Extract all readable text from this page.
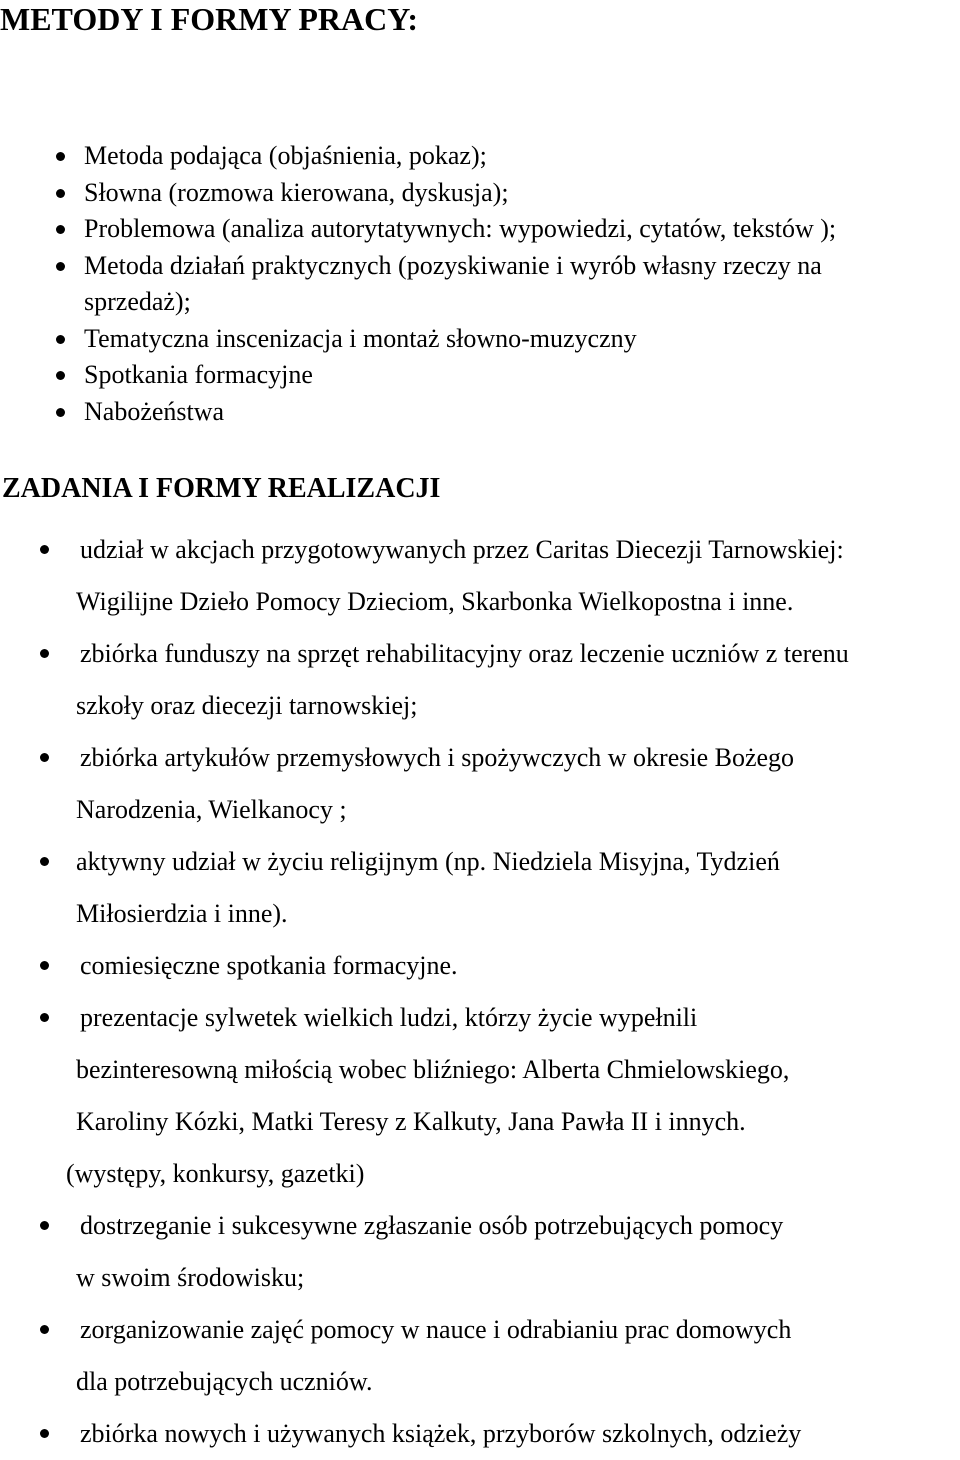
METODY I FORMY PRACY:
Metoda podająca (objaśnienia, pokaz);
Słowna (rozmowa kierowana, dyskusja);
Problemowa (analiza autorytatywnych: wypowiedzi, cytatów, tekstów );
Metoda działań praktycznych (pozyskiwanie i wyrób własny rzeczy na
sprzedaż);
Tematyczna inscenizacja i montaż słowno-muzyczny
Spotkania formacyjne
Nabożeństwa
ZADANIA I FORMY REALIZACJI
udział w akcjach przygotowywanych przez Caritas Diecezji Tarnowskiej:
Wigilijne Dzieło Pomocy Dzieciom, Skarbonka Wielkopostna i inne.
zbiórka funduszy na sprzęt rehabilitacyjny oraz leczenie uczniów z terenu
szkoły oraz diecezji tarnowskiej;
zbiórka artykułów przemysłowych i spożywczych w okresie Bożego
Narodzenia, Wielkanocy ;
aktywny udział w życiu religijnym (np. Niedziela Misyjna, Tydzień
Miłosierdzia i inne).
comiesięczne spotkania formacyjne.
prezentacje sylwetek wielkich ludzi, którzy życie wypełnili
bezinteresowną miłością wobec bliźniego: Alberta Chmielowskiego,
Karoliny Kózki, Matki Teresy z Kalkuty, Jana Pawła II i innych.
(występy, konkursy, gazetki)
dostrzeganie i sukcesywne zgłaszanie osób potrzebujących pomocy
w swoim środowisku;
zorganizowanie zajęć pomocy w nauce i odrabianiu prac domowych
dla potrzebujących uczniów.
zbiórka nowych i używanych książek, przyborów szkolnych, odzieży
